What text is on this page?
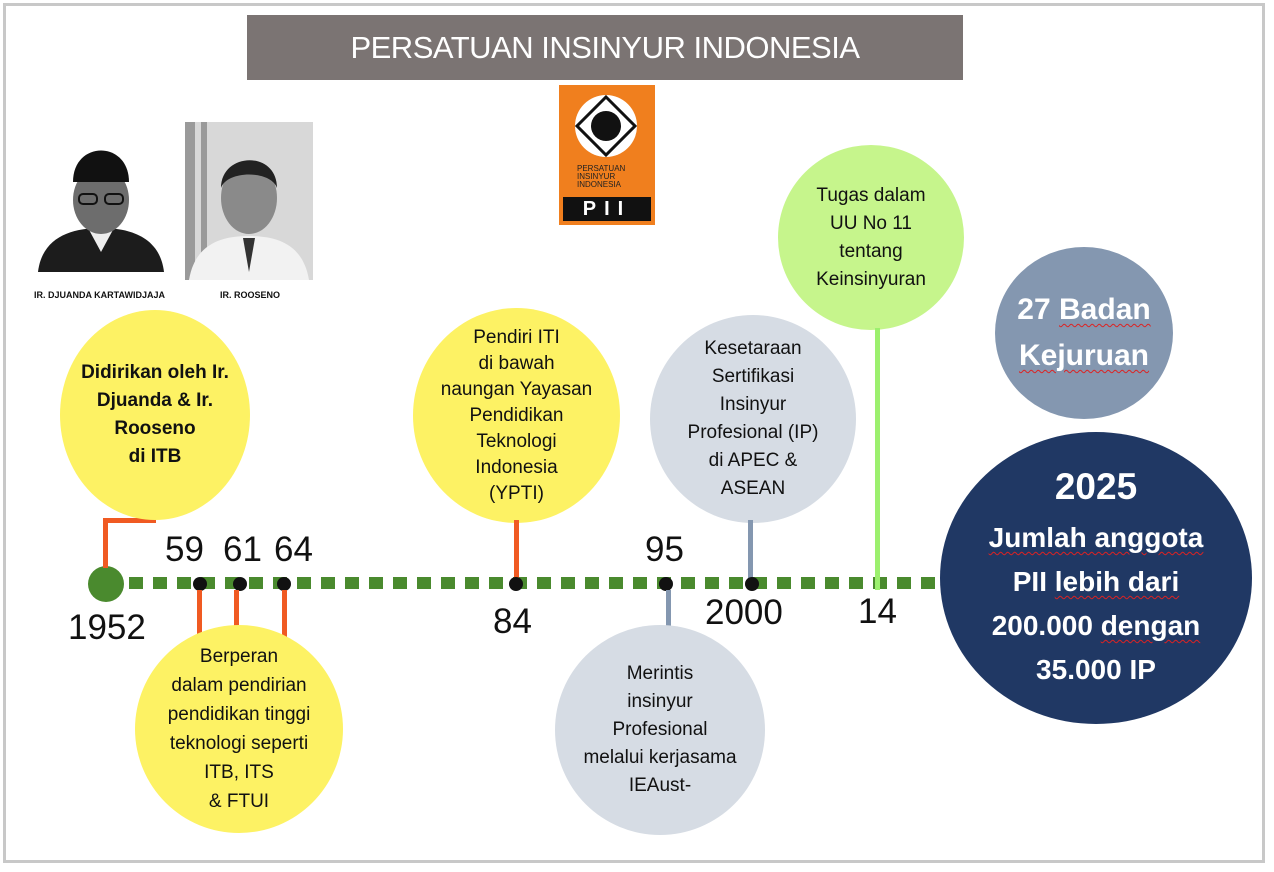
PERSATUAN INSINYUR INDONESIA
PERSATUAN
INSINYUR
INDONESIA
PII
IR. DJUANDA KARTAWIDJAJA	IR. ROOSENO
1952
Didirikan oleh Ir.
Djuanda & Ir.
Rooseno
di ITB
59 61 64
Berperan
dalam pendirian
pendidikan tinggi
teknologi seperti
ITB, ITS
& FTUI
Pendiri ITI
di bawah
naungan Yayasan
Pendidikan
Teknologi
Indonesia
(YPTI)
84
95
Merintis
insinyur
Profesional
melalui kerjasama
IEAust-
Kesetaraan
Sertifikasi
Insinyur
Profesional (IP)
di APEC &
ASEAN
2000
Tugas dalam
UU No 11
tentang
Keinsinyuran
14
27 Badan
Kejuruan
2025
Jumlah anggota
PII lebih dari
200.000 dengan
35.000 IP
